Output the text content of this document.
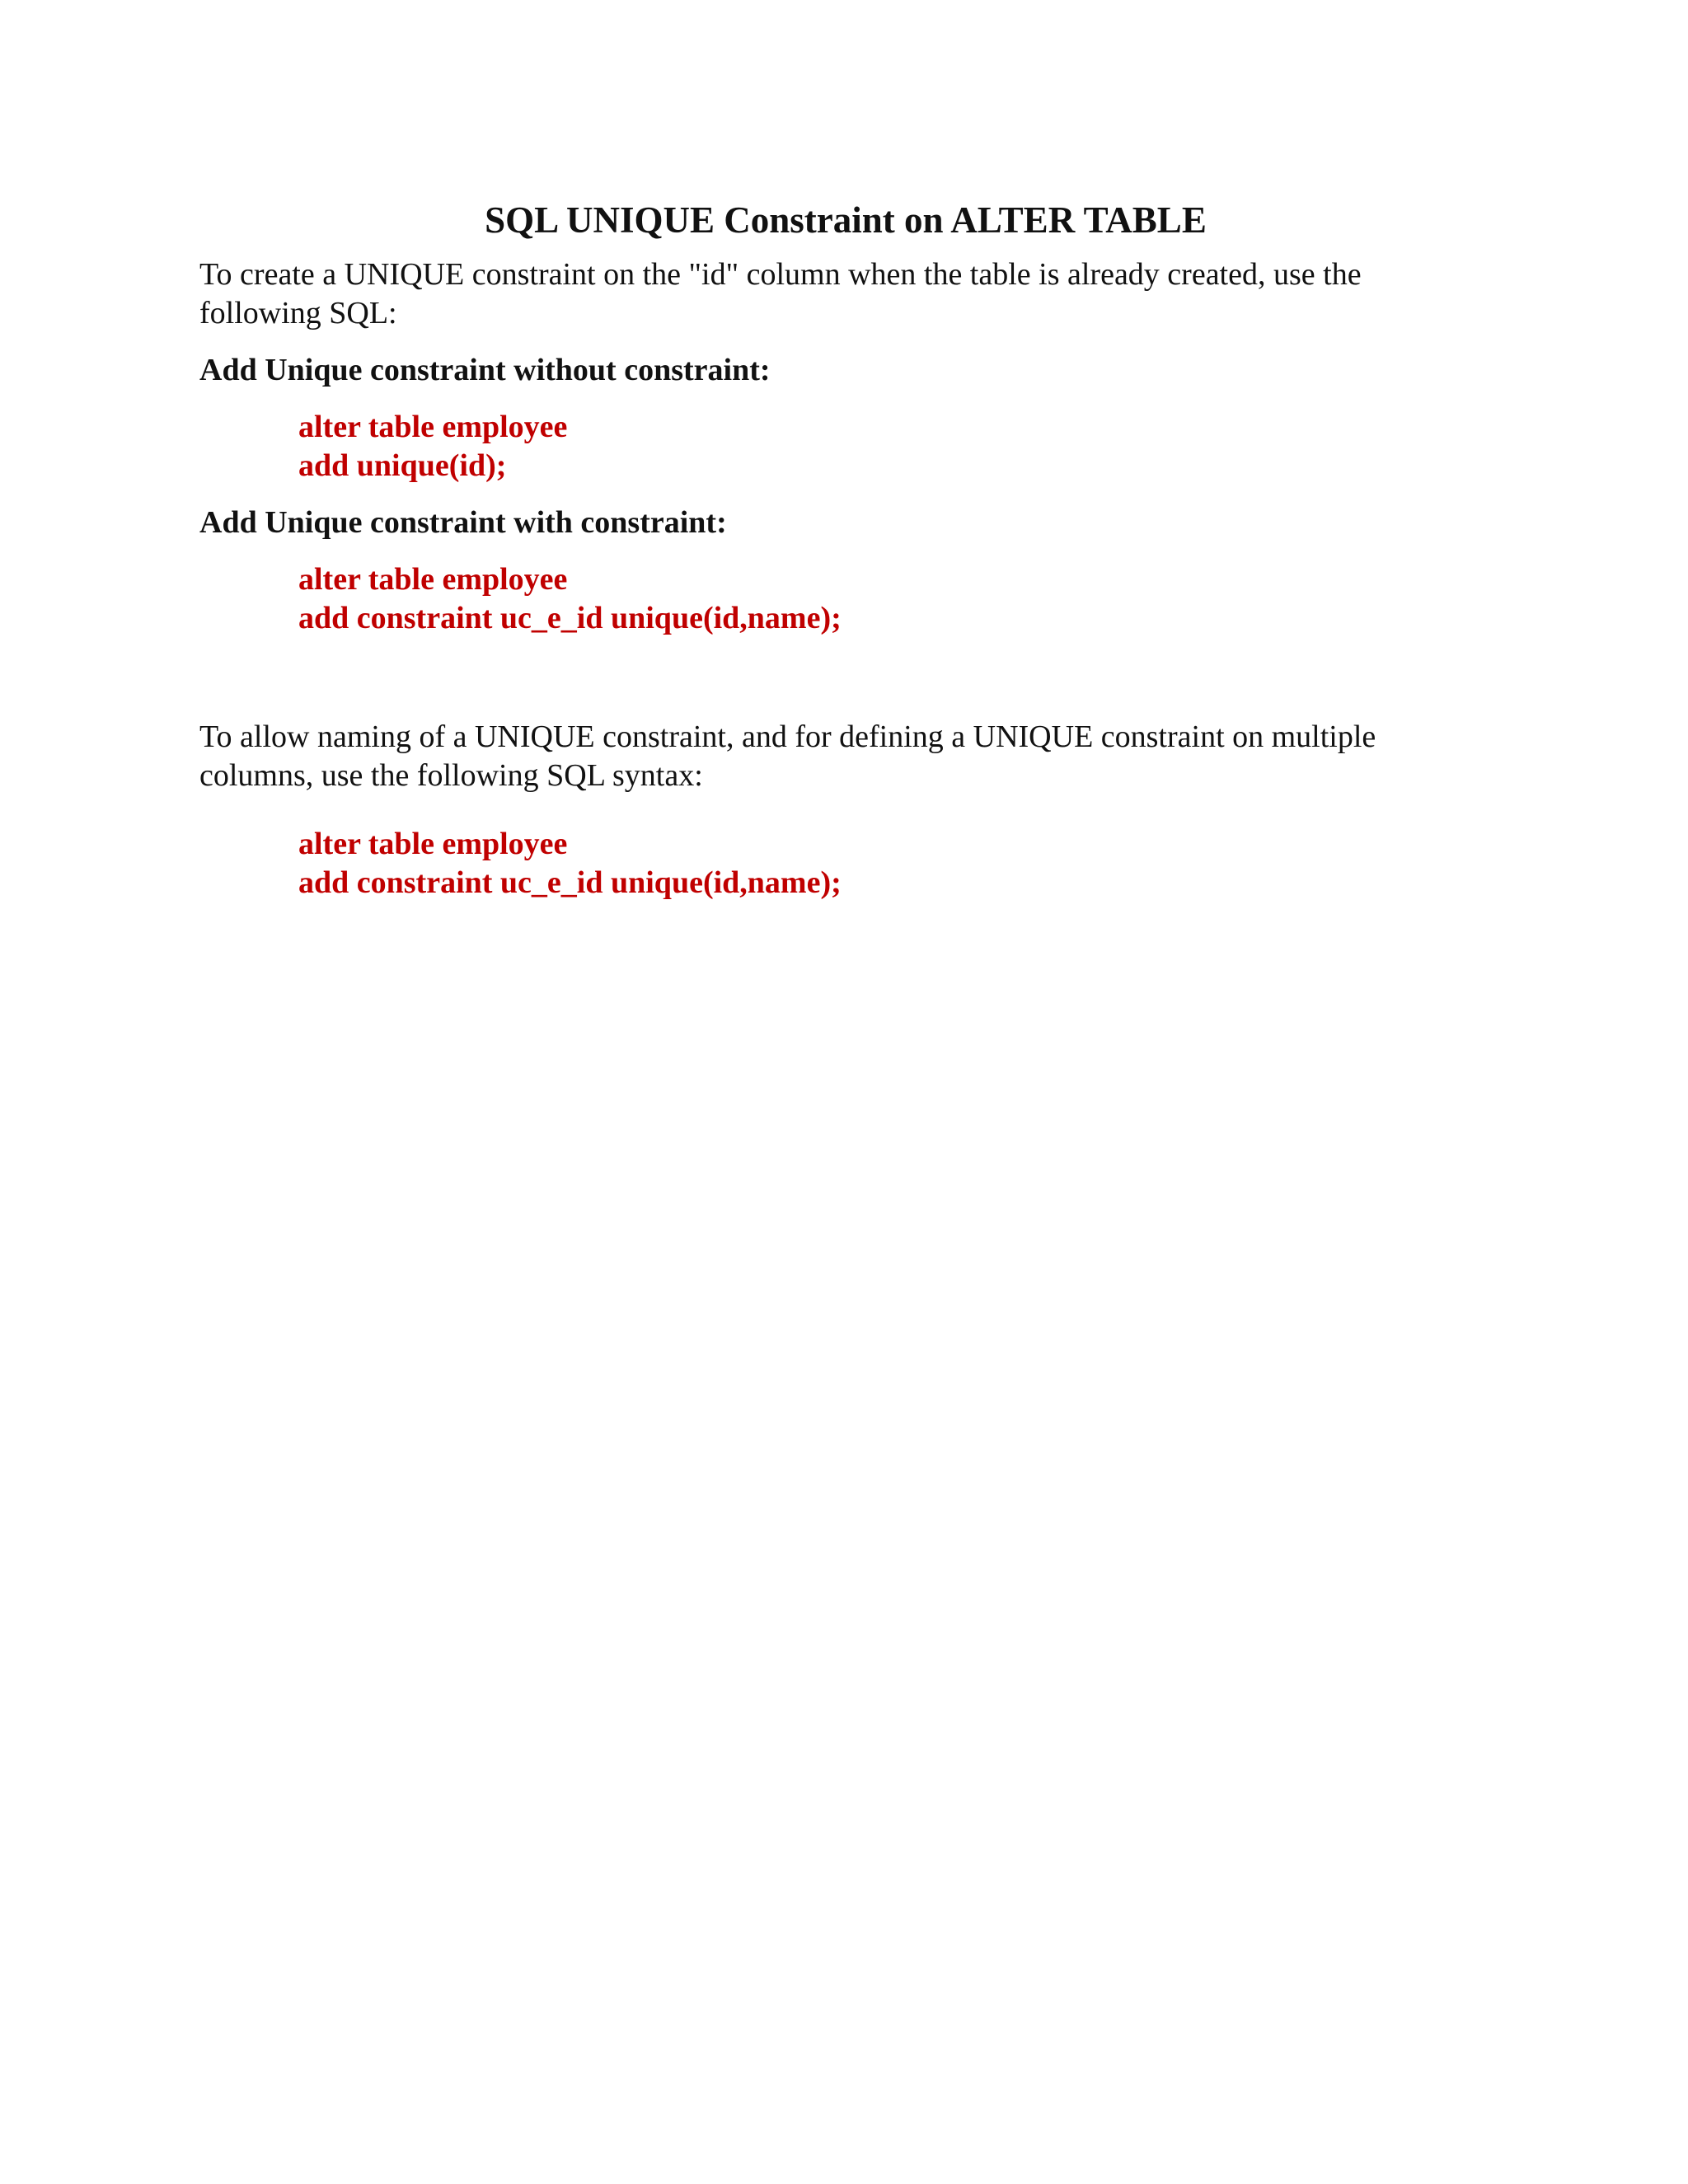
SQL UNIQUE Constraint on ALTER TABLE
To create a UNIQUE constraint on the "id" column when the table is already created, use the
following SQL:
Add Unique constraint without constraint:
alter table employee
add unique(id);
Add Unique constraint with constraint:
alter table employee
add constraint uc_e_id unique(id,name);
To allow naming of a UNIQUE constraint, and for defining a UNIQUE constraint on multiple
columns, use the following SQL syntax:
alter table employee
add constraint uc_e_id unique(id,name);
